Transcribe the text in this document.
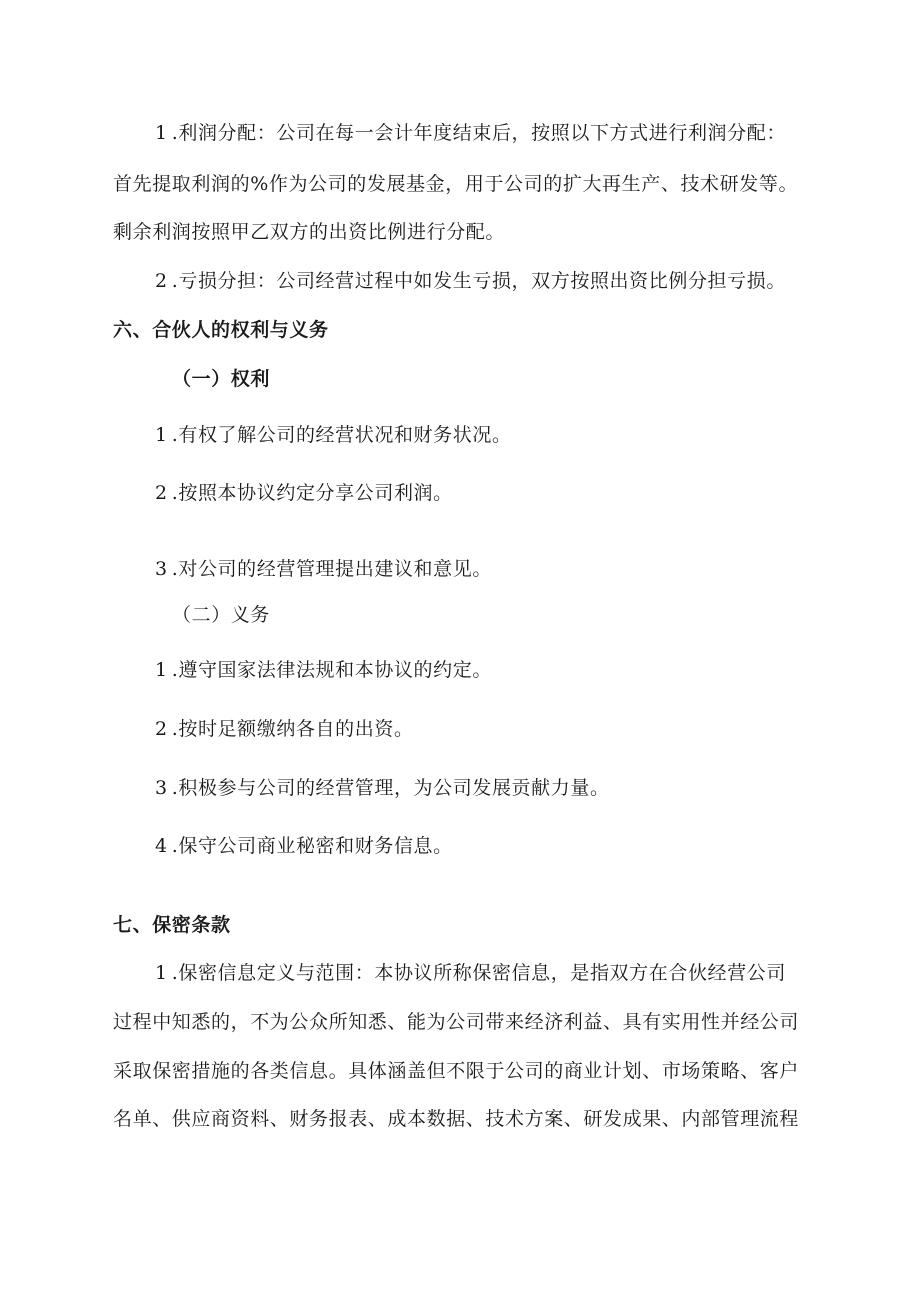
1 .利润分配：公司在每一会计年度结束后，按照以下方式进行利润分配：
首先提取利润的%作为公司的发展基金，用于公司的扩大再生产、技术研发等。
剩余利润按照甲乙双方的出资比例进行分配。
2 .亏损分担：公司经营过程中如发生亏损，双方按照出资比例分担亏损。
六、合伙人的权利与义务
（一）权利
1 .有权了解公司的经营状况和财务状况。
2 .按照本协议约定分享公司利润。
3 .对公司的经营管理提出建议和意见。
（二）义务
1 .遵守国家法律法规和本协议的约定。
2 .按时足额缴纳各自的出资。
3 .积极参与公司的经营管理，为公司发展贡献力量。
4 .保守公司商业秘密和财务信息。
七、保密条款
1 .保密信息定义与范围：本协议所称保密信息，是指双方在合伙经营公司
过程中知悉的，不为公众所知悉、能为公司带来经济利益、具有实用性并经公司
采取保密措施的各类信息。具体涵盖但不限于公司的商业计划、市场策略、客户
名单、供应商资料、财务报表、成本数据、技术方案、研发成果、内部管理流程
